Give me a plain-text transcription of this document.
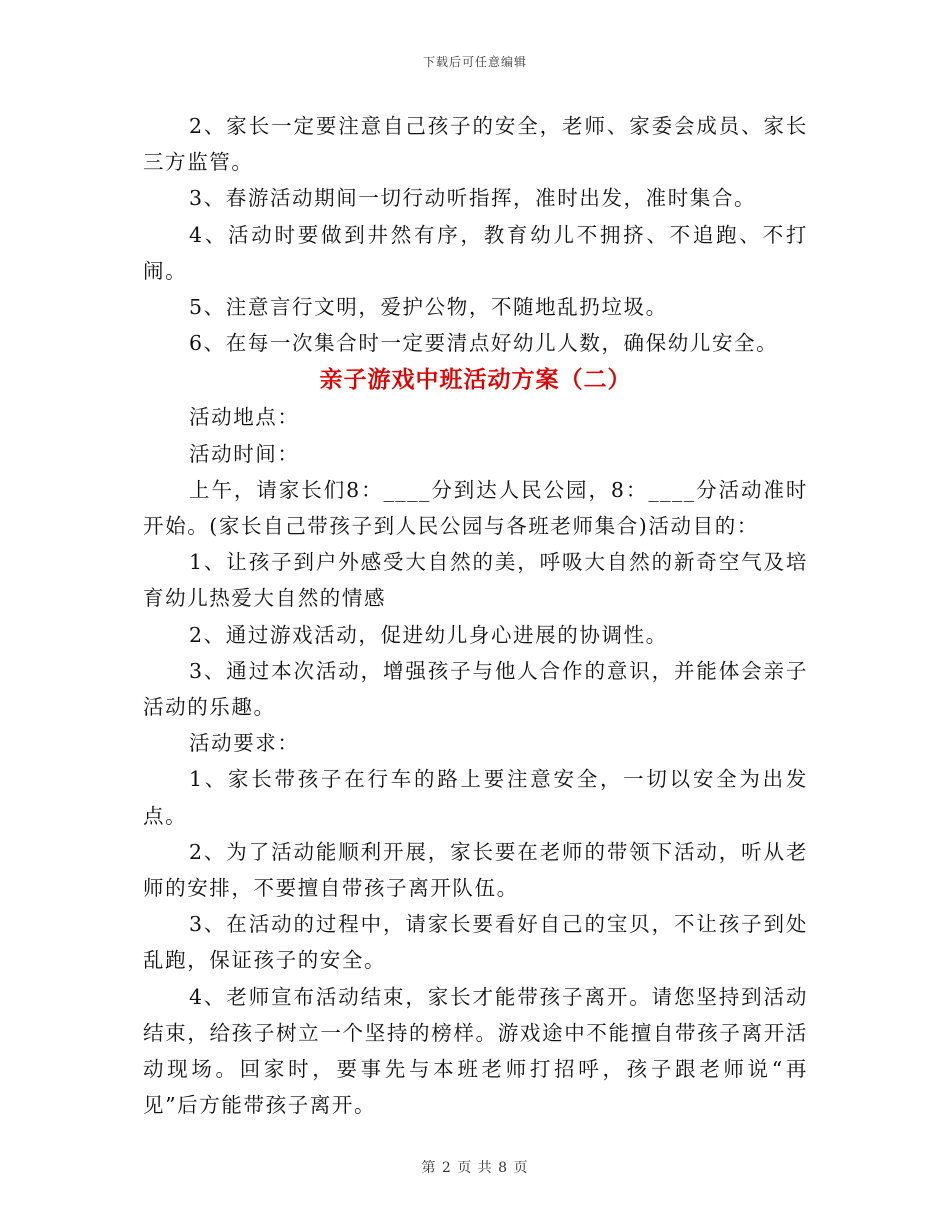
下载后可任意编辑

2、家长一定要注意自己孩子的安全，老师、家委会成员、家长三方监管。

3、春游活动期间一切行动听指挥，准时出发，准时集合。

4、活动时要做到井然有序，教育幼儿不拥挤、不追跑、不打闹。

5、注意言行文明，爱护公物，不随地乱扔垃圾。

6、在每一次集合时一定要清点好幼儿人数，确保幼儿安全。

亲子游戏中班活动方案（二）

活动地点：

活动时间：

上午，请家长们8：____分到达人民公园，8：____分活动准时开始。(家长自己带孩子到人民公园与各班老师集合)活动目的：

1、让孩子到户外感受大自然的美，呼吸大自然的新奇空气及培育幼儿热爱大自然的情感

2、通过游戏活动，促进幼儿身心进展的协调性。

3、通过本次活动，增强孩子与他人合作的意识，并能体会亲子活动的乐趣。

活动要求：

1、家长带孩子在行车的路上要注意安全，一切以安全为出发点。

2、为了活动能顺利开展，家长要在老师的带领下活动，听从老师的安排，不要擅自带孩子离开队伍。

3、在活动的过程中，请家长要看好自己的宝贝，不让孩子到处乱跑，保证孩子的安全。

4、老师宣布活动结束，家长才能带孩子离开。请您坚持到活动结束，给孩子树立一个坚持的榜样。游戏途中不能擅自带孩子离开活动现场。回家时，要事先与本班老师打招呼，孩子跟老师说“再见”后方能带孩子离开。

第 2 页 共 8 页
